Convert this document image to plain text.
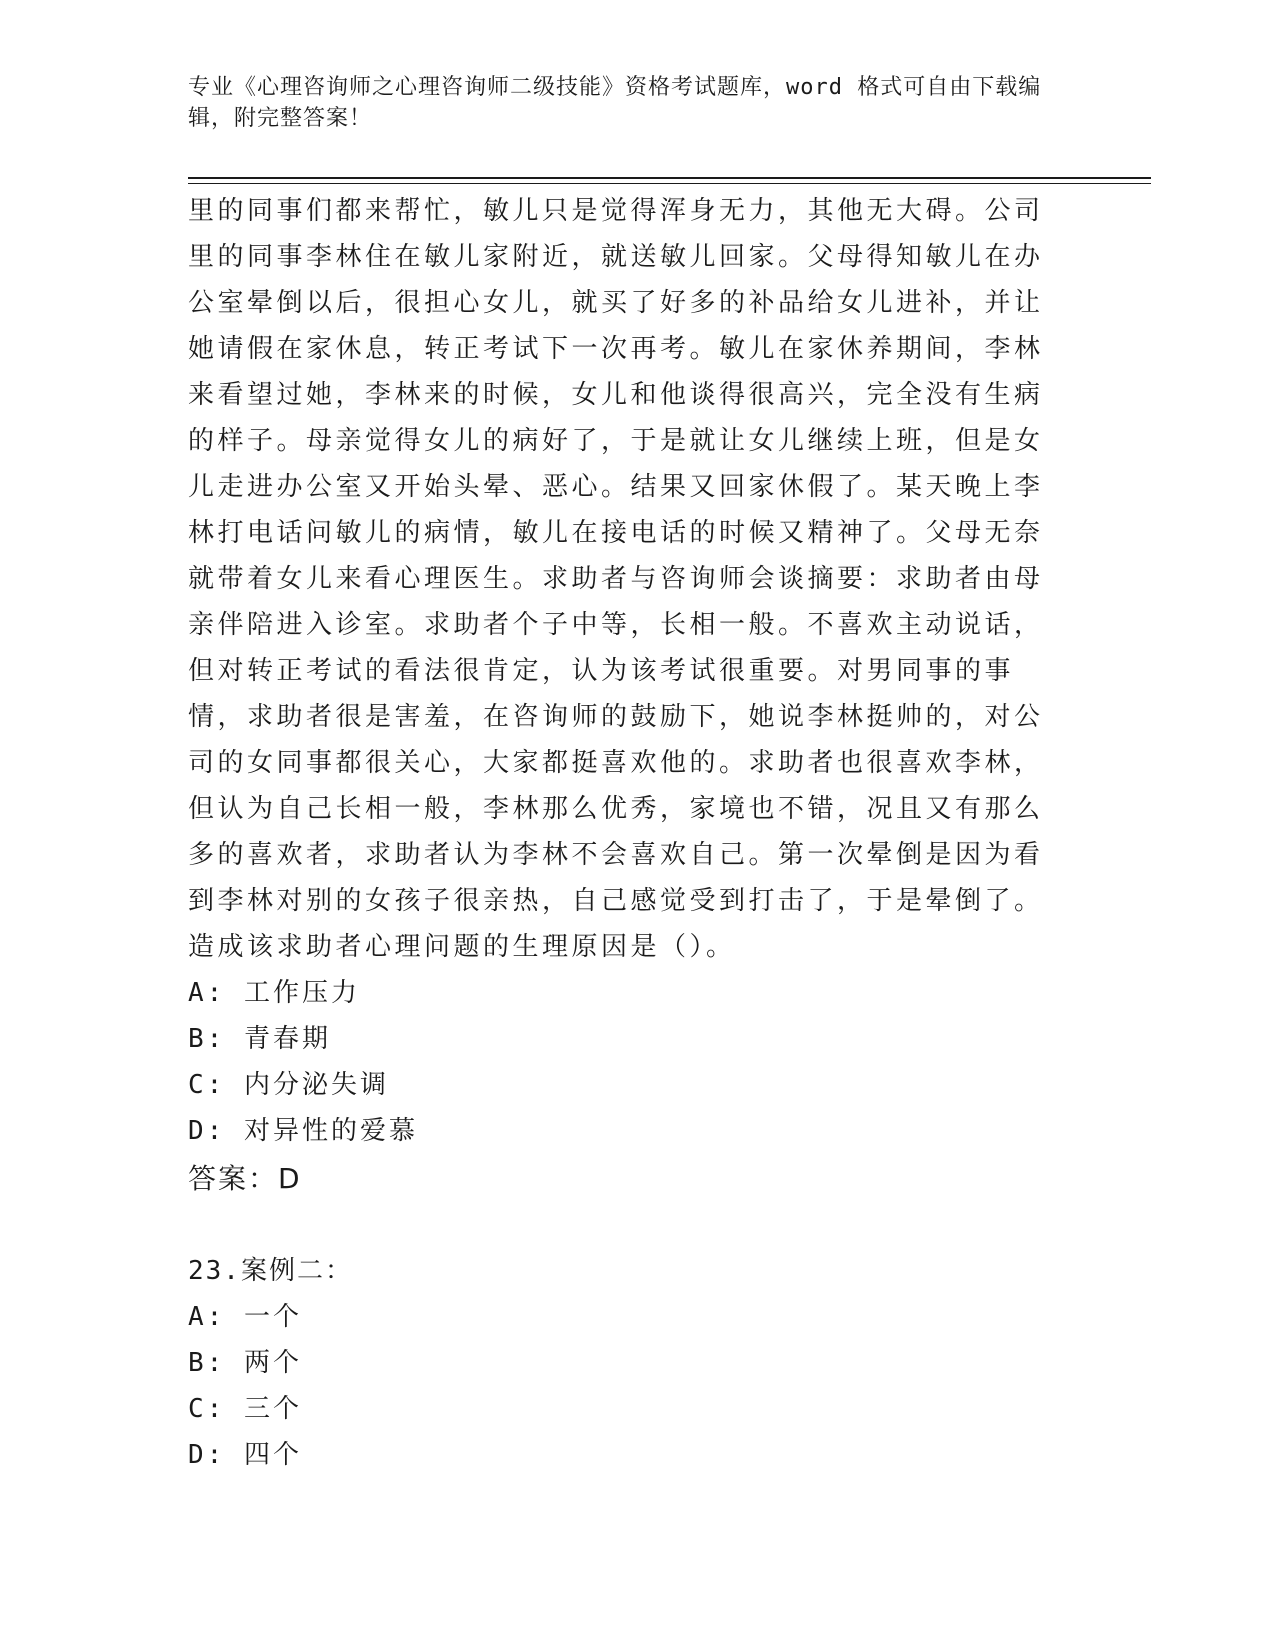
专业《心理咨询师之心理咨询师二级技能》资格考试题库，word 格式可自由下载编辑，附完整答案！

里的同事们都来帮忙，敏儿只是觉得浑身无力，其他无大碍。公司里的同事李林住在敏儿家附近，就送敏儿回家。父母得知敏儿在办公室晕倒以后，很担心女儿，就买了好多的补品给女儿进补，并让她请假在家休息，转正考试下一次再考。敏儿在家休养期间，李林来看望过她，李林来的时候，女儿和他谈得很高兴，完全没有生病的样子。母亲觉得女儿的病好了，于是就让女儿继续上班，但是女儿走进办公室又开始头晕、恶心。结果又回家休假了。某天晚上李林打电话问敏儿的病情，敏儿在接电话的时候又精神了。父母无奈就带着女儿来看心理医生。求助者与咨询师会谈摘要：求助者由母亲伴陪进入诊室。求助者个子中等，长相一般。不喜欢主动说话，但对转正考试的看法很肯定，认为该考试很重要。对男同事的事情，求助者很是害羞，在咨询师的鼓励下，她说李林挺帅的，对公司的女同事都很关心，大家都挺喜欢他的。求助者也很喜欢李林，但认为自己长相一般，李林那么优秀，家境也不错，况且又有那么多的喜欢者，求助者认为李林不会喜欢自己。第一次晕倒是因为看到李林对别的女孩子很亲热，自己感觉受到打击了，于是晕倒了。造成该求助者心理问题的生理原因是（）。

A: 工作压力

B: 青春期

C: 内分泌失调

D: 对异性的爱慕

答案：D

23.案例二：

A: 一个

B: 两个

C: 三个

D: 四个
